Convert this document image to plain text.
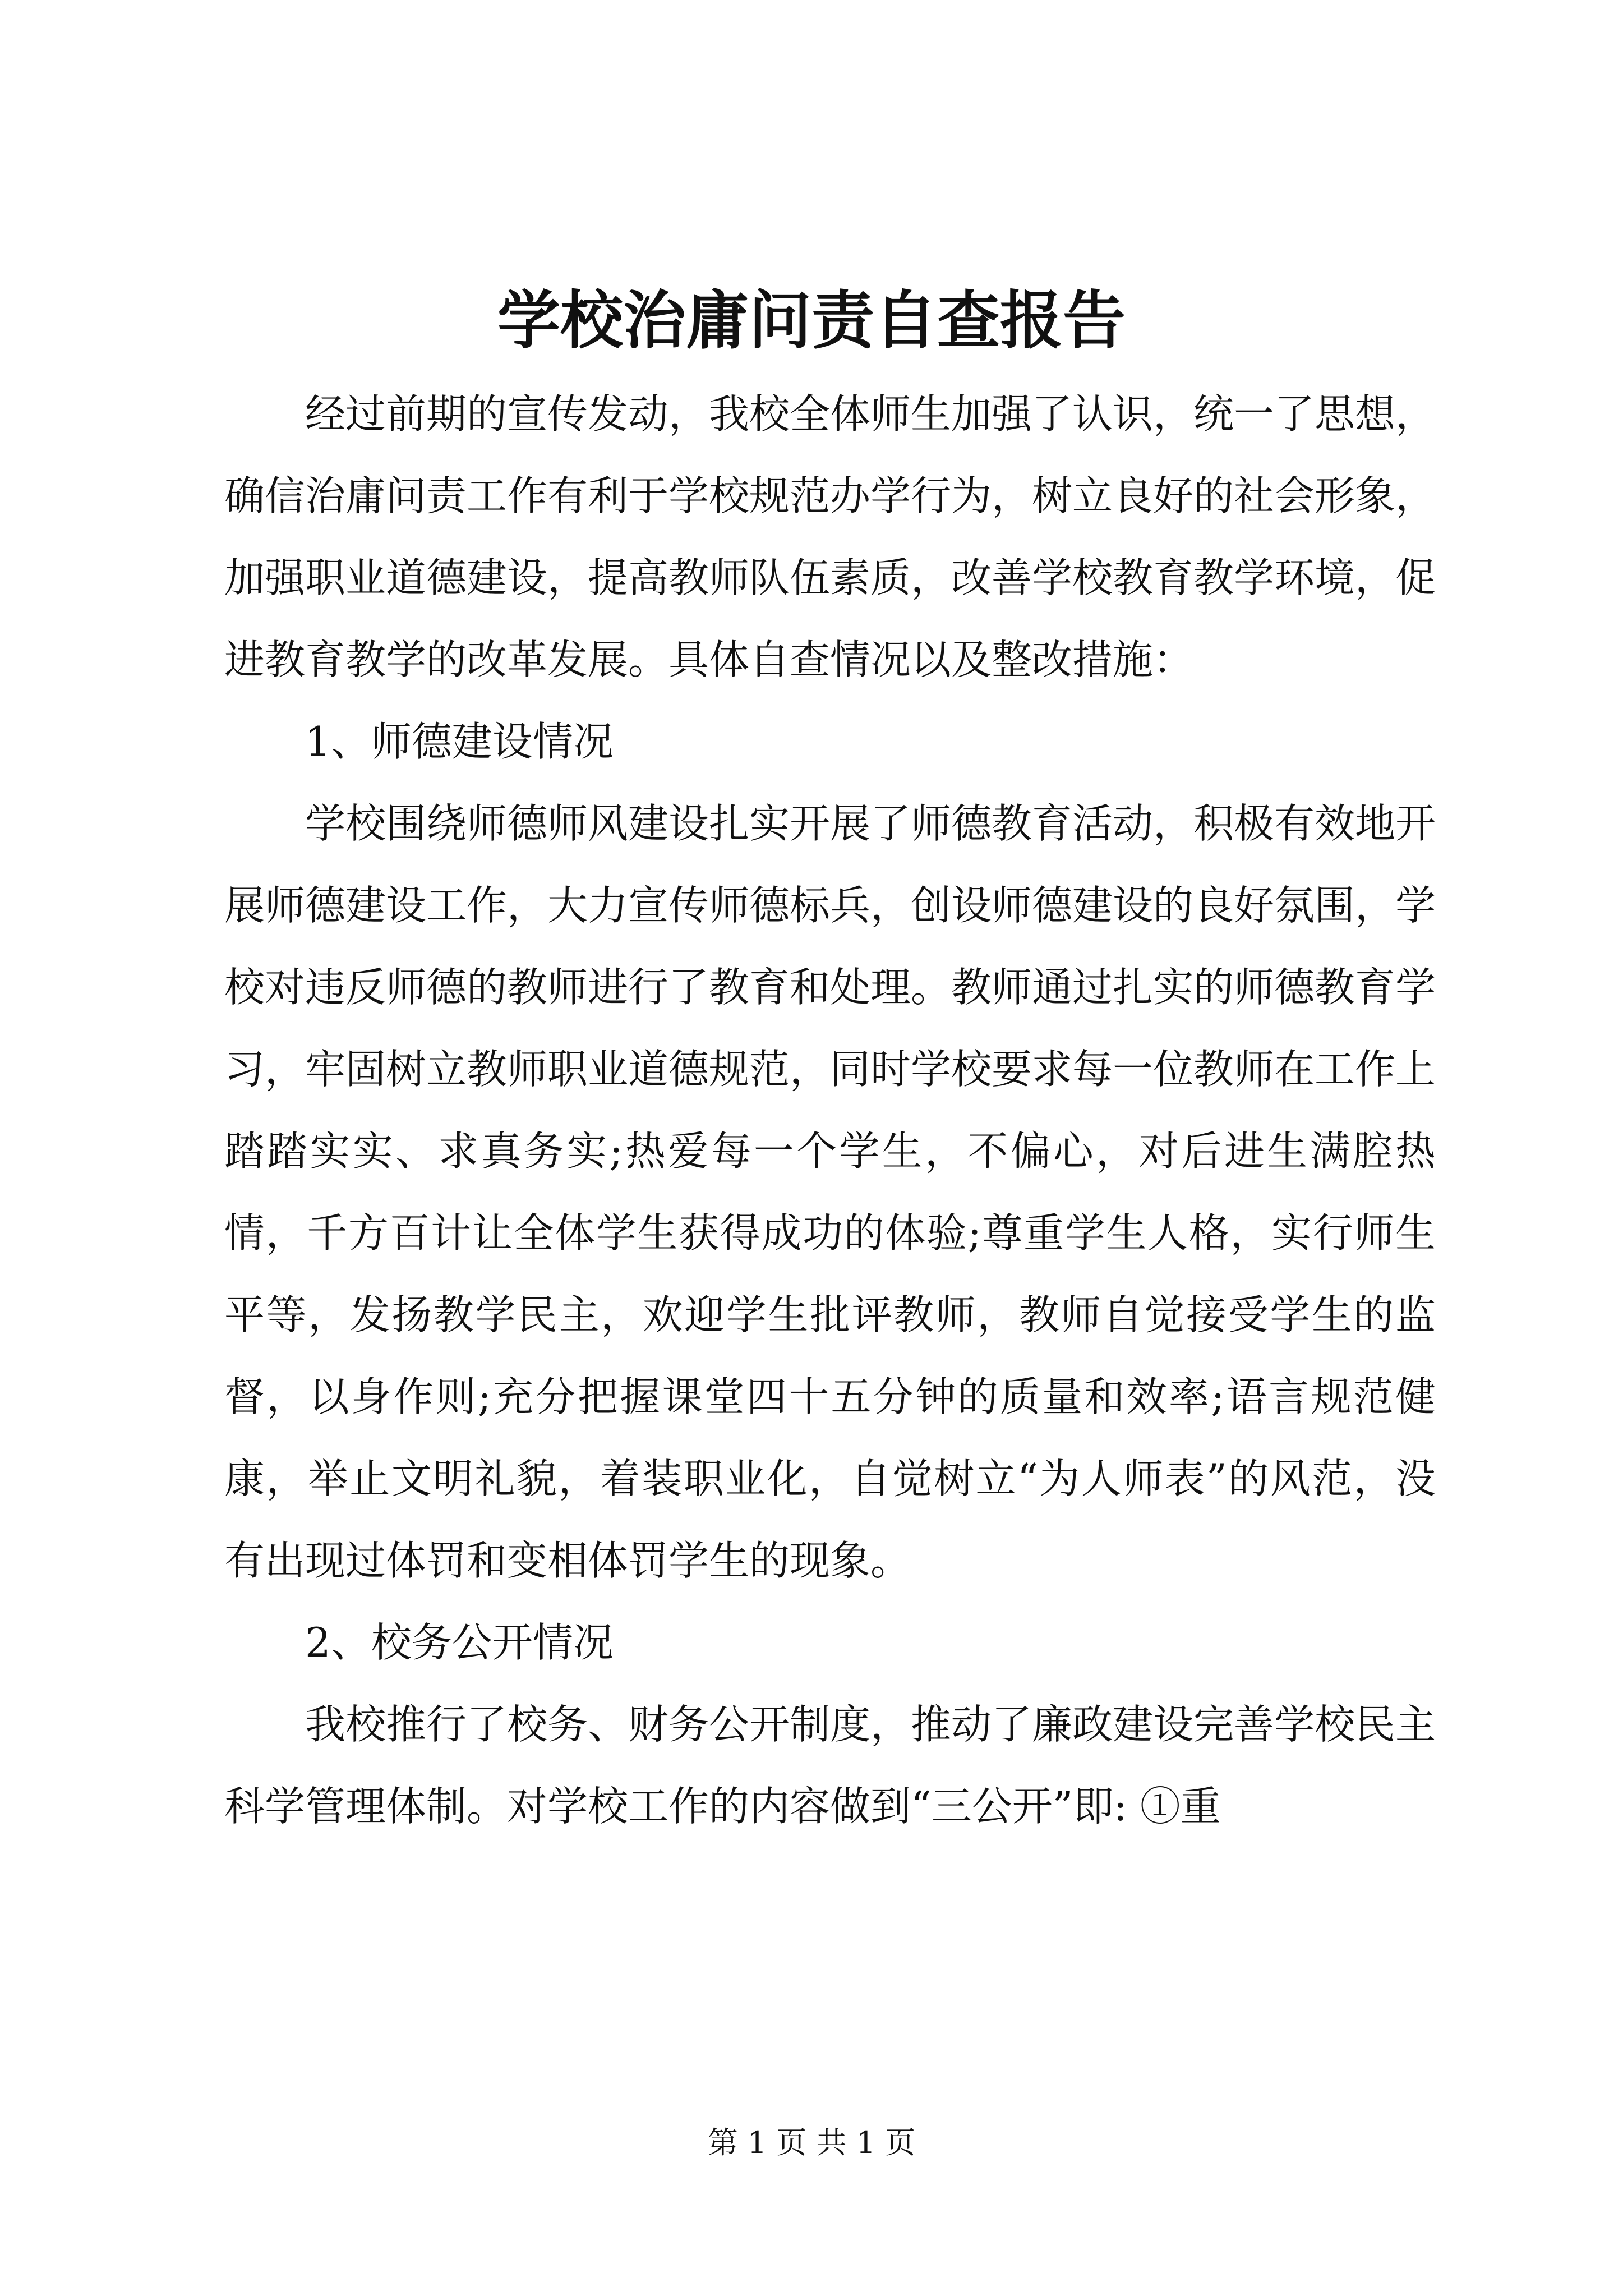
学校治庸问责自查报告

经过前期的宣传发动，我校全体师生加强了认识，统一了思想，确信治庸问责工作有利于学校规范办学行为，树立良好的社会形象，加强职业道德建设，提高教师队伍素质，改善学校教育教学环境，促进教育教学的改革发展。具体自查情况以及整改措施：

1、师德建设情况

学校围绕师德师风建设扎实开展了师德教育活动，积极有效地开展师德建设工作，大力宣传师德标兵，创设师德建设的良好氛围，学校对违反师德的教师进行了教育和处理。教师通过扎实的师德教育学习，牢固树立教师职业道德规范，同时学校要求每一位教师在工作上踏踏实实、求真务实;热爱每一个学生，不偏心，对后进生满腔热情，千方百计让全体学生获得成功的体验;尊重学生人格，实行师生平等，发扬教学民主，欢迎学生批评教师，教师自觉接受学生的监督，以身作则;充分把握课堂四十五分钟的质量和效率;语言规范健康，举止文明礼貌，着装职业化，自觉树立“为人师表”的风范，没有出现过体罚和变相体罚学生的现象。

2、校务公开情况

我校推行了校务、财务公开制度，推动了廉政建设完善学校民主科学管理体制。对学校工作的内容做到“三公开”即: ①重

第 1 页 共 1 页
